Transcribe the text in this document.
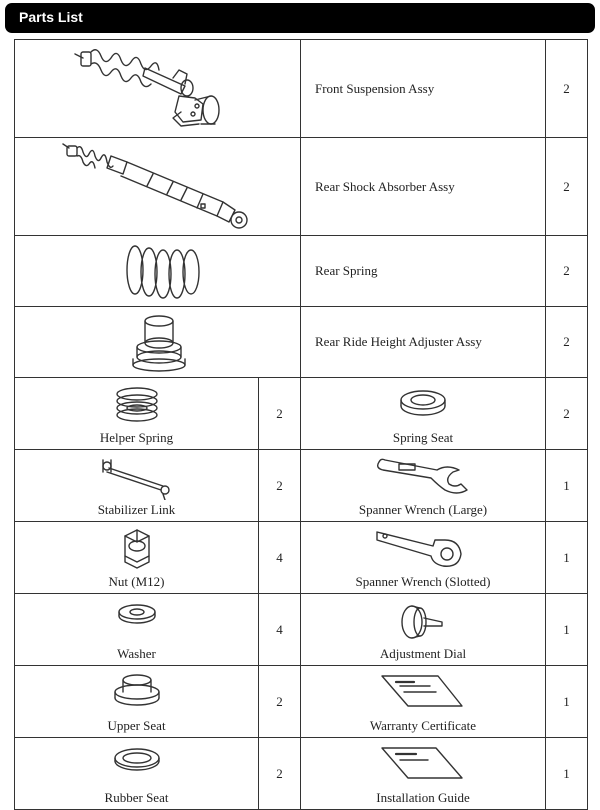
Parts List
	Front Suspension Assy	2

	Rear Shock Absorber Assy	2

	Rear Spring	2

	Rear Ride Height Adjuster Assy	2

Helper Spring	2	Spring Seat	2

Stabilizer Link	2	Spanner Wrench (Large)	1

Nut (M12)	4	Spanner Wrench (Slotted)	1

Washer	4	Adjustment Dial	1

Upper Seat	2	Warranty Certificate	1

Rubber Seat	2	Installation Guide	1
